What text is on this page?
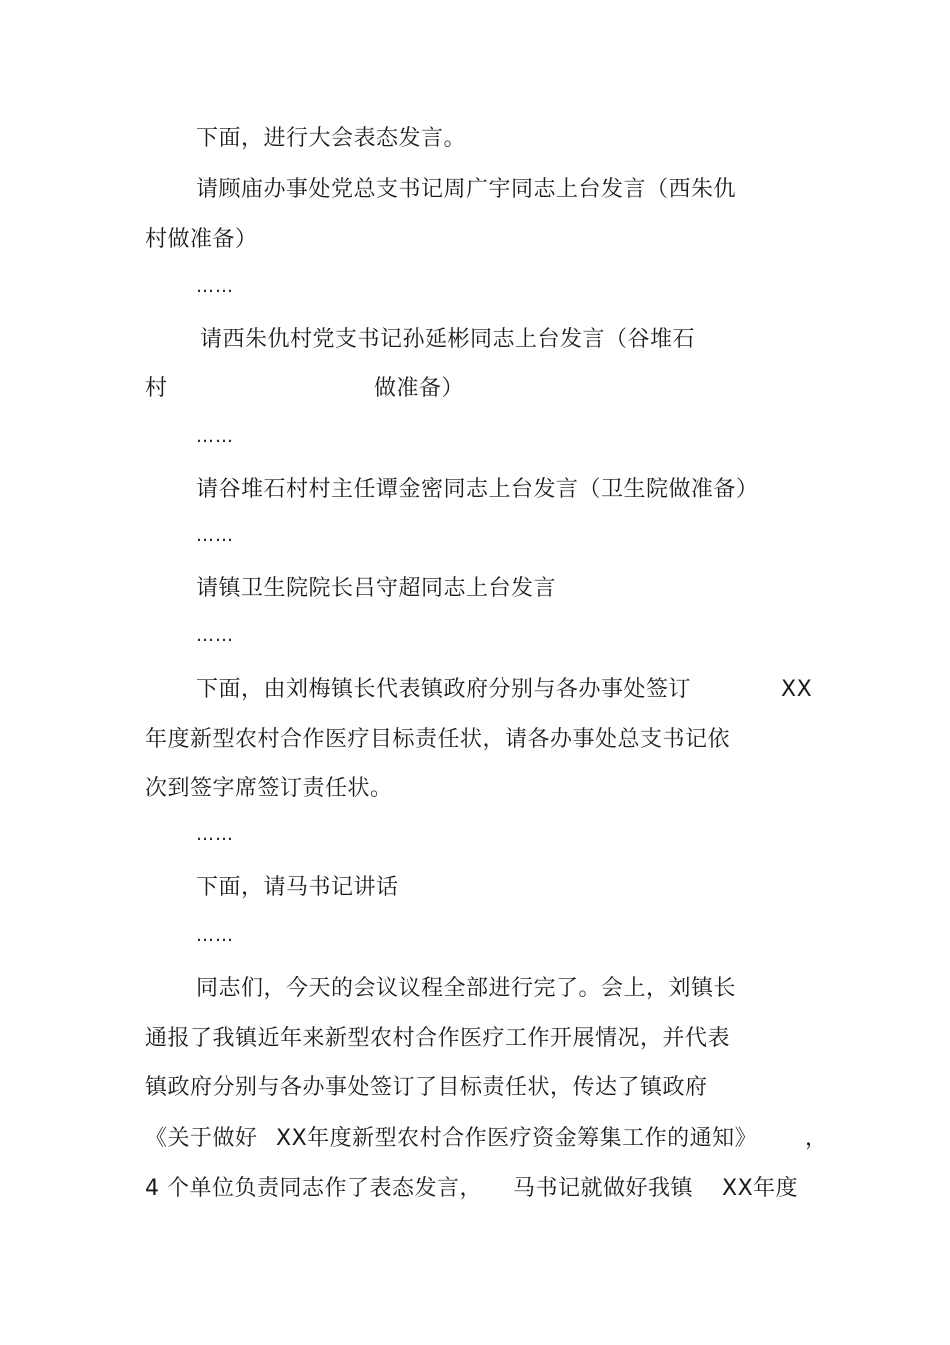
下面，进行大会表态发言。
请顾庙办事处党总支书记周广宇同志上台发言（西朱仇
村做准备）
……
请西朱仇村党支书记孙延彬同志上台发言（谷堆石
村	做准备）
……
请谷堆石村村主任谭金密同志上台发言（卫生院做准备）
……
请镇卫生院院长吕守超同志上台发言
……
下面，由刘梅镇长代表镇政府分别与各办事处签订	XX
年度新型农村合作医疗目标责任状，请各办事处总支书记依
次到签字席签订责任状。
……
下面，请马书记讲话
……
同志们，今天的会议议程全部进行完了。会上，刘镇长
通报了我镇近年来新型农村合作医疗工作开展情况，并代表
镇政府分别与各办事处签订了目标责任状，传达了镇政府
《关于做好 XX年度新型农村合作医疗资金筹集工作的通知》 ，
4 个单位负责同志作了表态发言， 马书记就做好我镇 XX年度
